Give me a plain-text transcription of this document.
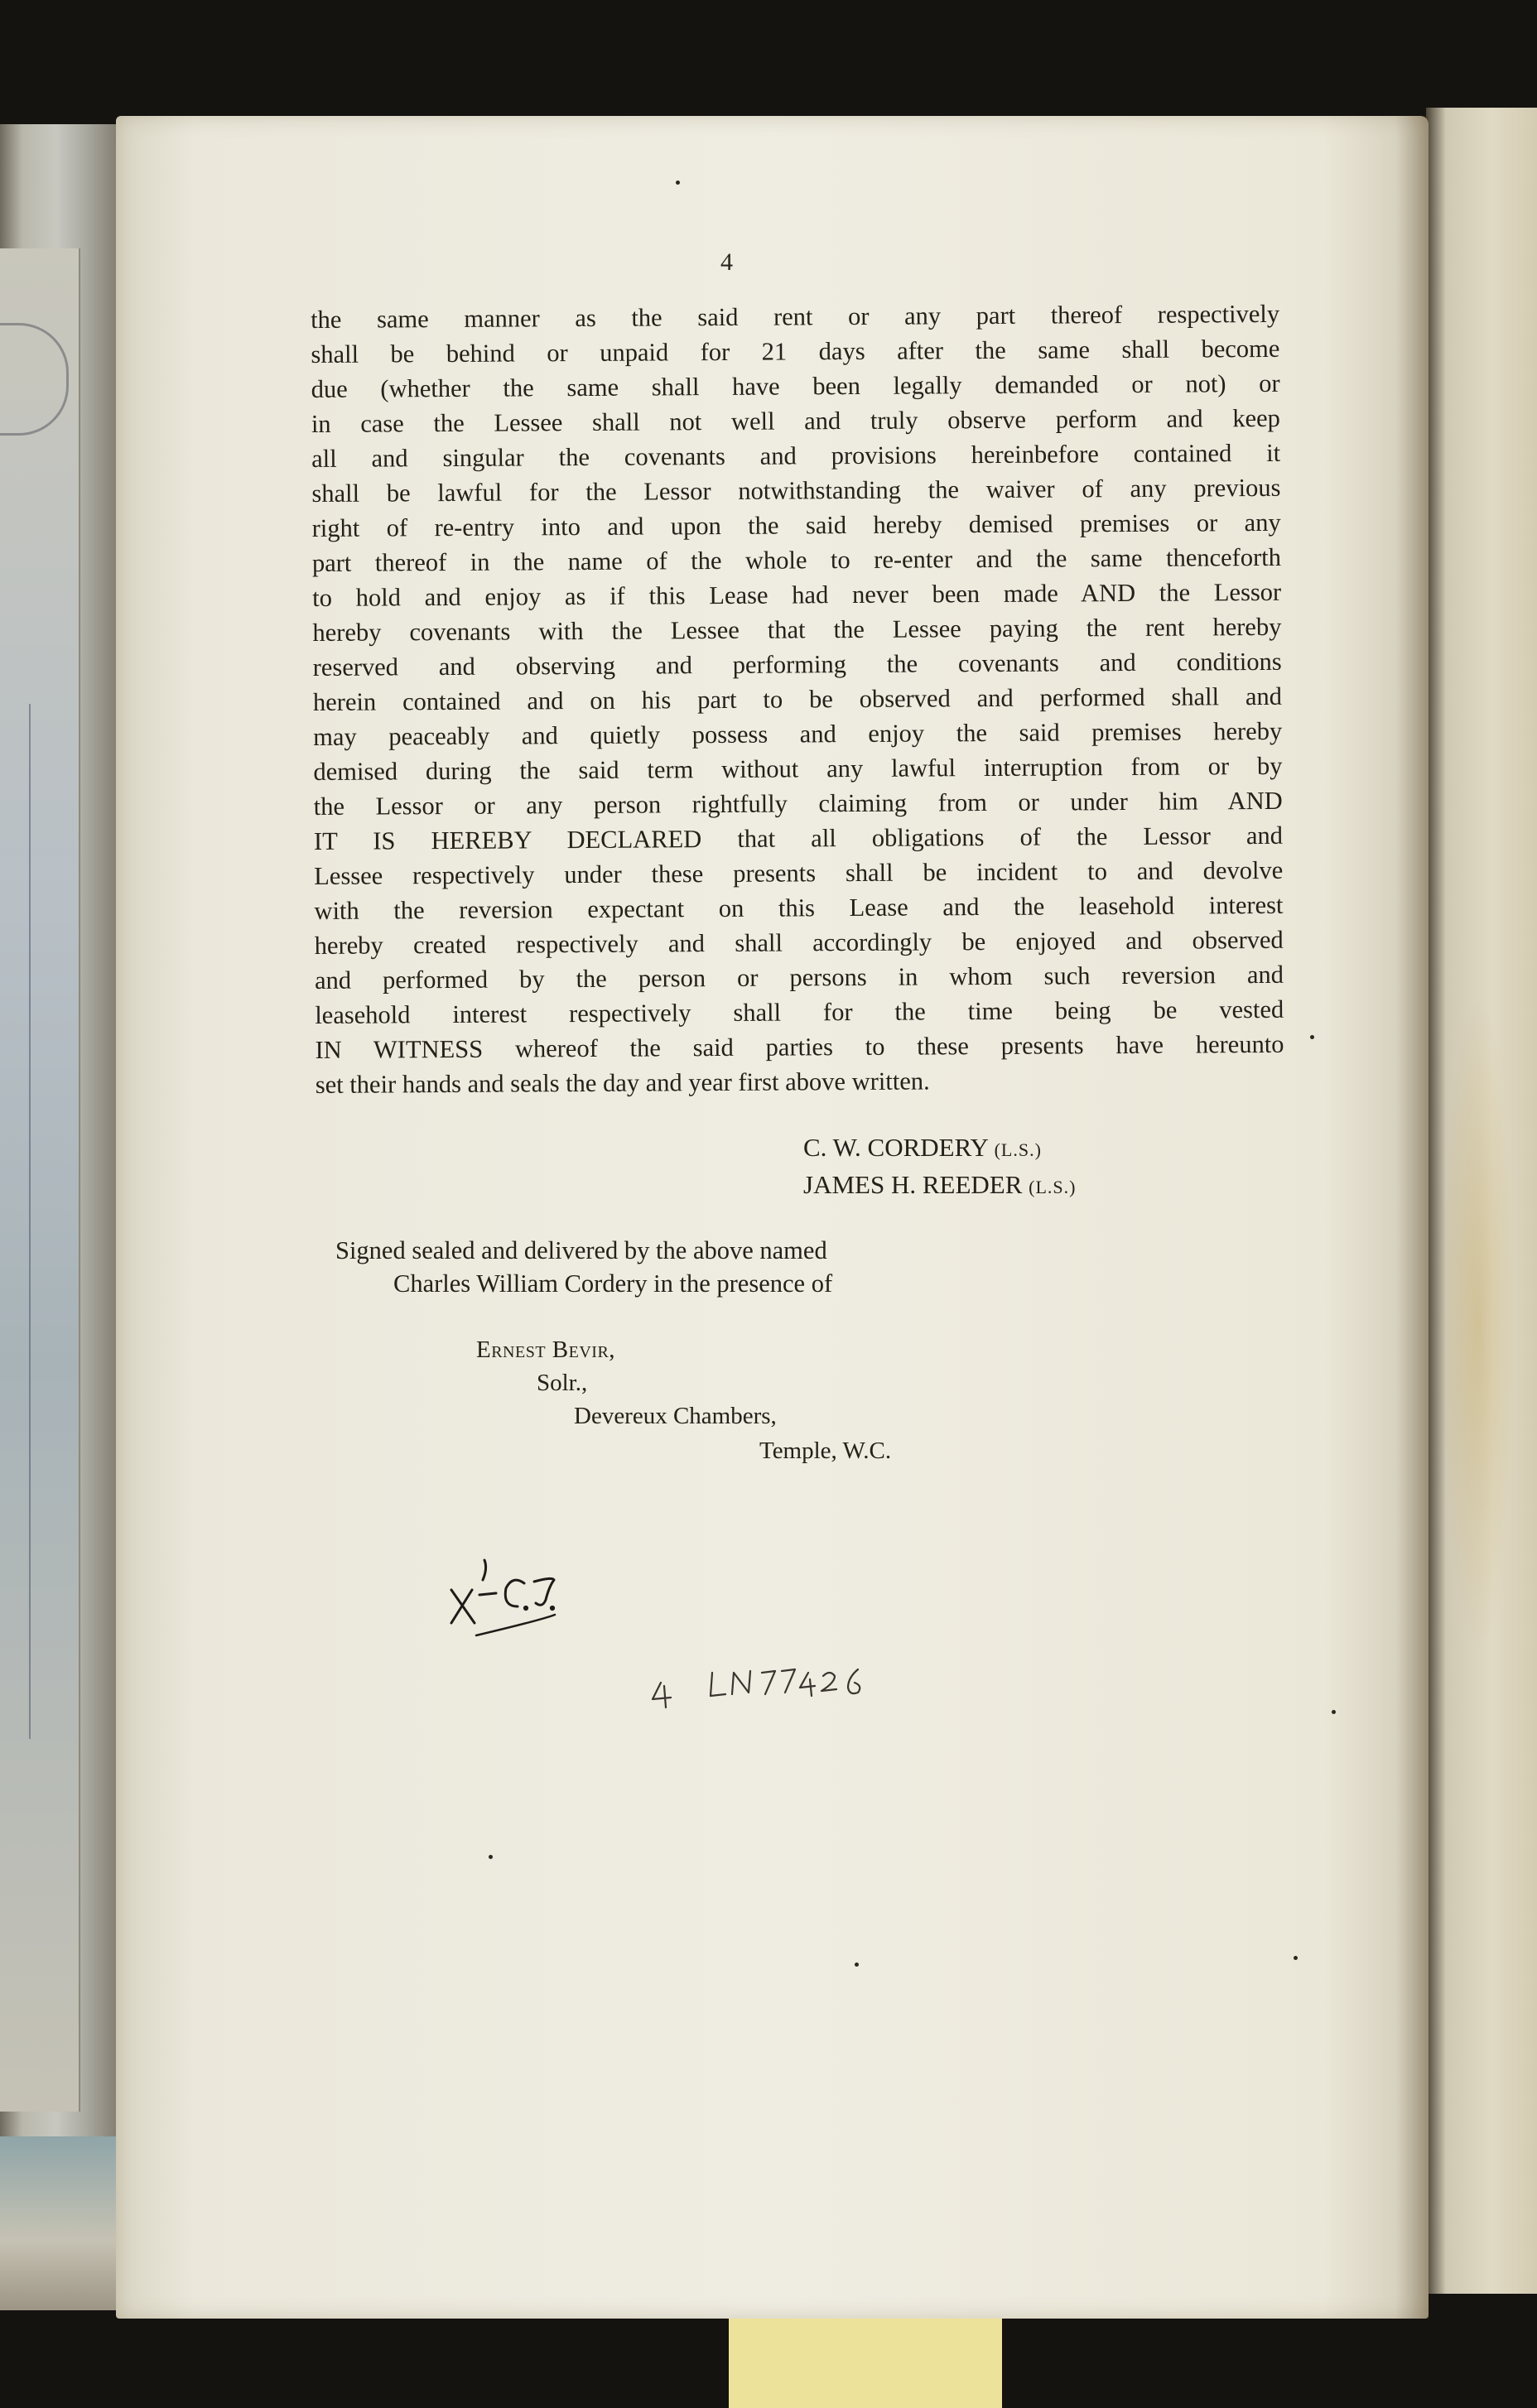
4
the same manner as the said rent or any part thereof respectively
shall be behind or unpaid for 21 days after the same shall become
due (whether the same shall have been legally demanded or not) or
in case the Lessee shall not well and truly observe perform and keep
all and singular the covenants and provisions hereinbefore contained it
shall be lawful for the Lessor notwithstanding the waiver of any previous
right of re-entry into and upon the said hereby demised premises or any
part thereof in the name of the whole to re-enter and the same thenceforth
to hold and enjoy as if this Lease had never been made AND the Lessor
hereby covenants with the Lessee that the Lessee paying the rent hereby
reserved and observing and performing the covenants and conditions
herein contained and on his part to be observed and performed shall and
may peaceably and quietly possess and enjoy the said premises hereby
demised during the said term without any lawful interruption from or by
the Lessor or any person rightfully claiming from or under him AND
IT IS HEREBY DECLARED that all obligations of the Lessor and
Lessee respectively under these presents shall be incident to and devolve
with the reversion expectant on this Lease and the leasehold interest
hereby created respectively and shall accordingly be enjoyed and observed
and performed by the person or persons in whom such reversion and
leasehold interest respectively shall for the time being be vested
IN WITNESS whereof the said parties to these presents have hereunto
set their hands and seals the day and year first above written.
C. W. CORDERY (L.S.)
JAMES H. REEDER (L.S.)
Signed sealed and delivered by the above named
Charles William Cordery in the presence of
Ernest Bevir,
Solr.,
Devereux Chambers,
Temple, W.C.
